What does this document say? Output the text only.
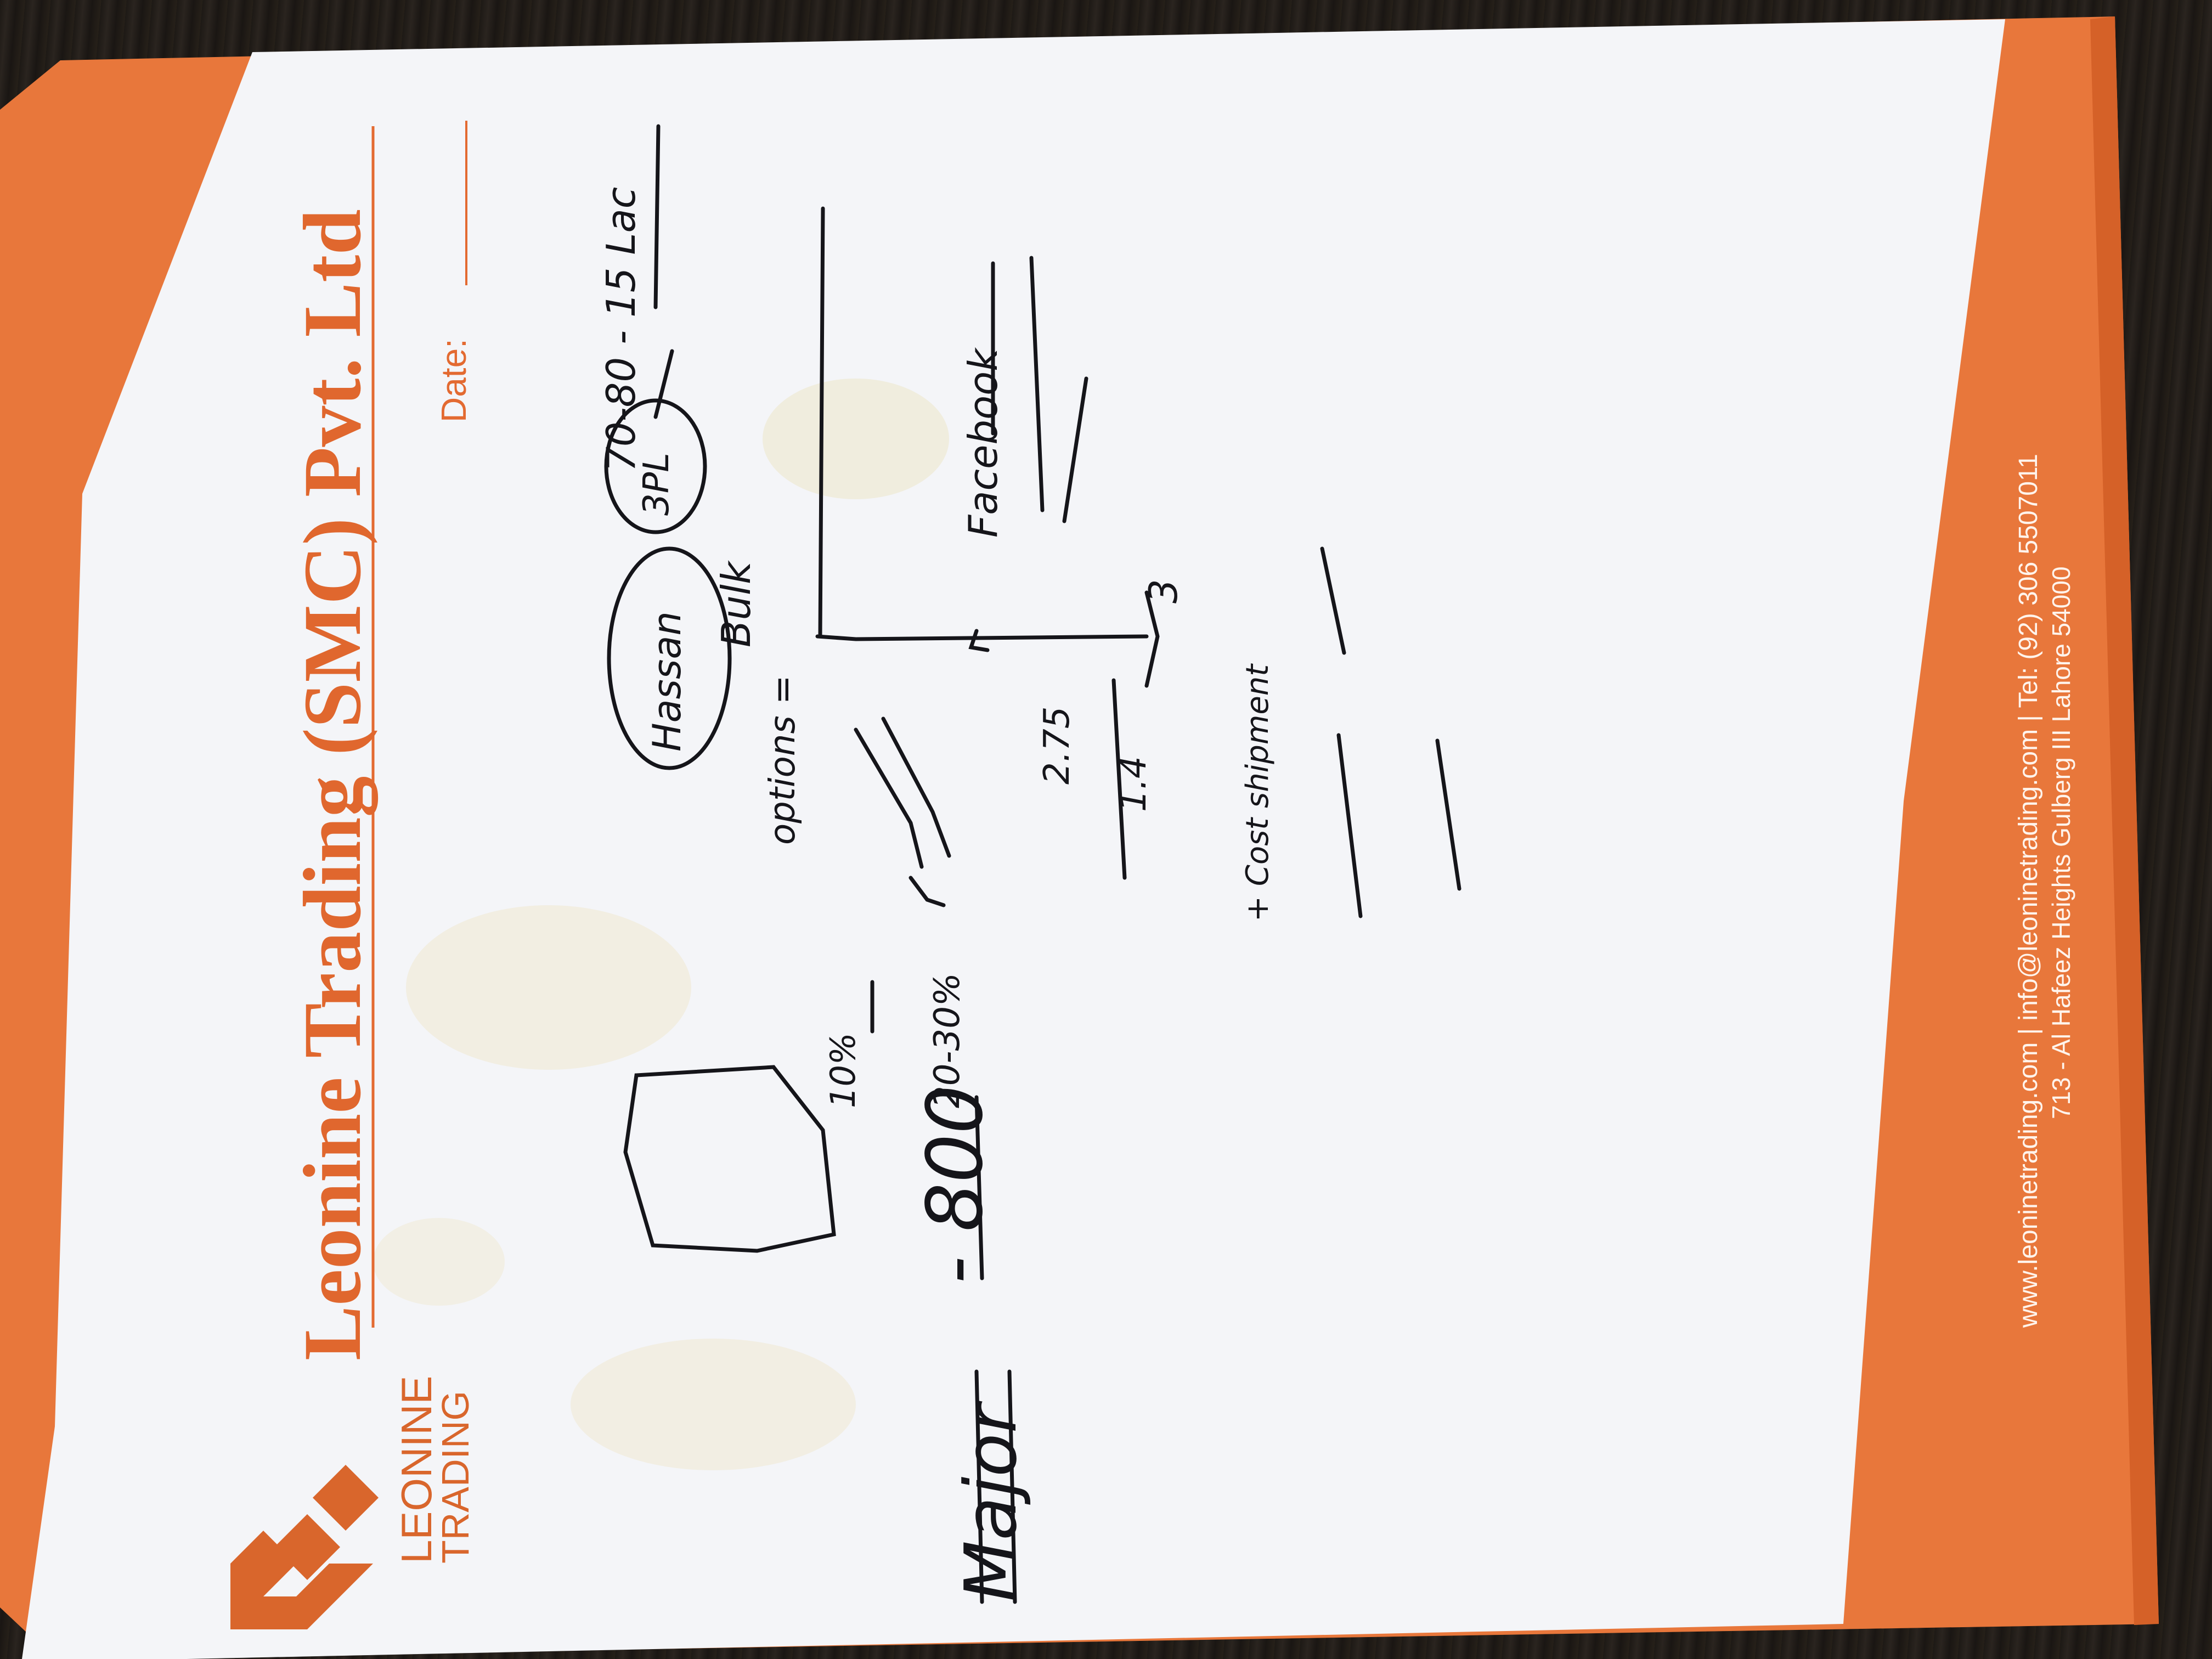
Leonine Trading (SMC) Pvt. Ltd
LEONINE
TRADING
Date:
www.leoninetrading.com | info@leoninetrading.com | Tel: (92) 306 5507011 713 - Al Hafeez Heights Gulberg III Lahore 54000
Major
- 800
10% 20-30%
Hassan
3PL
70-80 - 15 Lac
options =
Bulk
Facebook
2.75 1.4
3
+ Cost shipment
